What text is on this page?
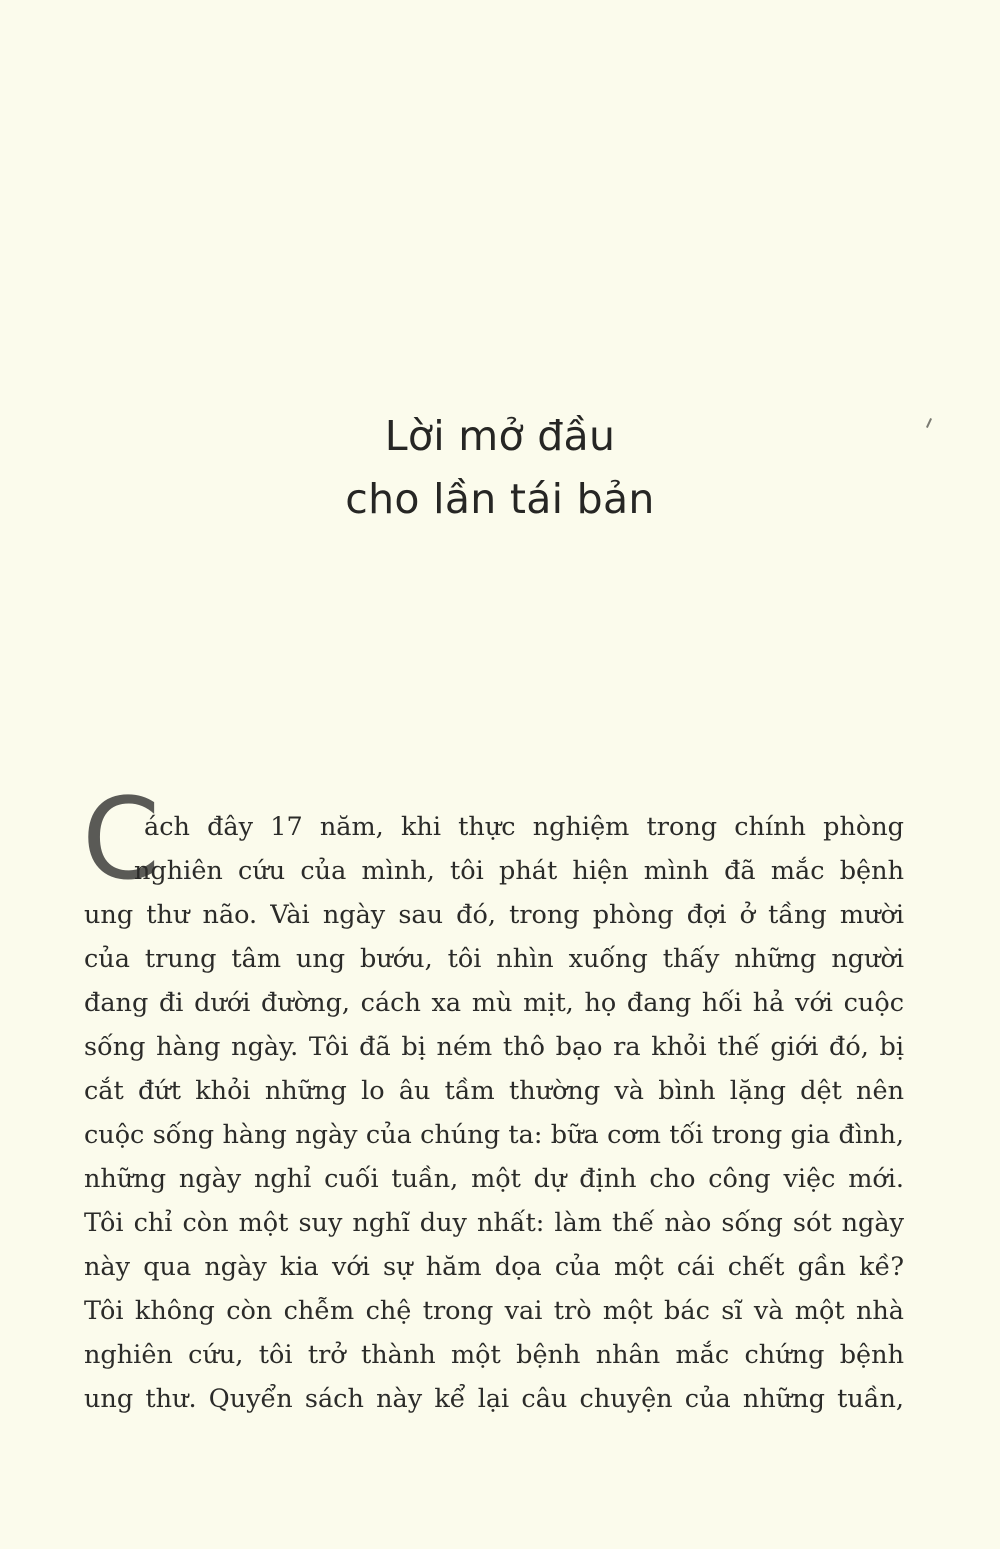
Lời mở đầu
cho lần tái bản
C
ách đây 17 năm, khi thực nghiệm trong chính phòng
nghiên cứu của mình, tôi phát hiện mình đã mắc bệnh
ung thư não. Vài ngày sau đó, trong phòng đợi ở tầng mười
của trung tâm ung bướu, tôi nhìn xuống thấy những người
đang đi dưới đường, cách xa mù mịt, họ đang hối hả với cuộc
sống hàng ngày. Tôi đã bị ném thô bạo ra khỏi thế giới đó, bị
cắt đứt khỏi những lo âu tầm thường và bình lặng dệt nên
cuộc sống hàng ngày của chúng ta: bữa cơm tối trong gia đình,
những ngày nghỉ cuối tuần, một dự định cho công việc mới.
Tôi chỉ còn một suy nghĩ duy nhất: làm thế nào sống sót ngày
này qua ngày kia với sự hăm dọa của một cái chết gần kề?
Tôi không còn chễm chệ trong vai trò một bác sĩ và một nhà
nghiên cứu, tôi trở thành một bệnh nhân mắc chứng bệnh
ung thư. Quyển sách này kể lại câu chuyện của những tuần,
